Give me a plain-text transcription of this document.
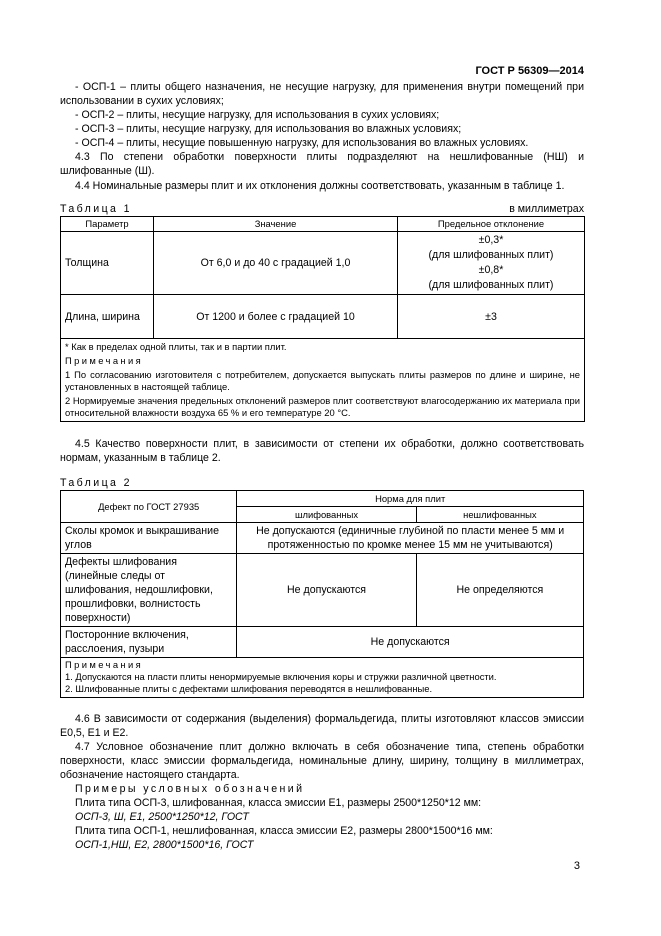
ГОСТ Р 56309—2014

- ОСП-1 – плиты общего назначения, не несущие нагрузку, для применения внутри помещений при использовании в сухих условиях;

- ОСП-2 – плиты, несущие нагрузку, для использования в сухих условиях;

- ОСП-3 – плиты, несущие нагрузку, для использования во влажных условиях;

- ОСП-4 – плиты, несущие повышенную нагрузку, для использования во влажных условиях.

4.3 По степени обработки поверхности плиты подразделяют на нешлифованные (НШ) и шлифованные (Ш).

4.4 Номинальные размеры плит и их отклонения должны соответствовать, указанным в таблице 1.

Таблица 1	в миллиметрах
Параметр	Значение	Предельное отклонение
Толщина	От 6,0 и до 40 с градацией 1,0	±0,3*
(для шлифованных плит)
±0,8*
(для шлифованных плит)

Длина, ширина	От 1200 и более с градацией 10	±3

* Как в пределах одной плиты, так и в партии плит.
Примечания
1 По согласованию изготовителя с потребителем, допускается выпускать плиты размеров по длине и ширине, не установленных в настоящей таблице.
2 Нормируемые значения предельных отклонений размеров плит соответствуют влагосодержанию их материала при относительной влажности воздуха 65 % и его температуре 20 °С.		

4.5 Качество поверхности плит, в зависимости от степени их обработки, должно соответствовать нормам, указанным в таблице 2.

Таблица 2
Дефект по ГОСТ 27935	Норма для плит	
	шлифованных	нешлифованных
Сколы кромок и выкрашивание углов	Не допускаются (единичные глубиной по пласти менее 5 мм и протяженностью по кромке менее 15 мм не учитываются)	
Дефекты шлифования (линейные следы от шлифования, недошлифовки, прошлифовки, волнистость поверхности)	Не допускаются	Не определяются
Посторонние включения, расслоения, пузыри	Не допускаются	

Примечания
1. Допускаются на пласти плиты ненормируемые включения коры и стружки различной цветности.
2. Шлифованные плиты с дефектами шлифования переводятся в нешлифованные.		

4.6 В зависимости от содержания (выделения) формальдегида, плиты изготовляют классов эмиссии Е0,5, Е1 и Е2.

4.7 Условное обозначение плит должно включать в себя обозначение типа, степень обработки поверхности, класс эмиссии формальдегида, номинальные длину, ширину, толщину в миллиметрах, обозначение настоящего стандарта.

Примеры условных обозначений

Плита типа ОСП-3, шлифованная, класса эмиссии Е1, размеры 2500*1250*12 мм:

ОСП-3, Ш, Е1, 2500*1250*12, ГОСТ

Плита типа ОСП-1, нешлифованная, класса эмиссии Е2, размеры 2800*1500*16 мм:

ОСП-1,НШ, Е2, 2800*1500*16, ГОСТ

3
